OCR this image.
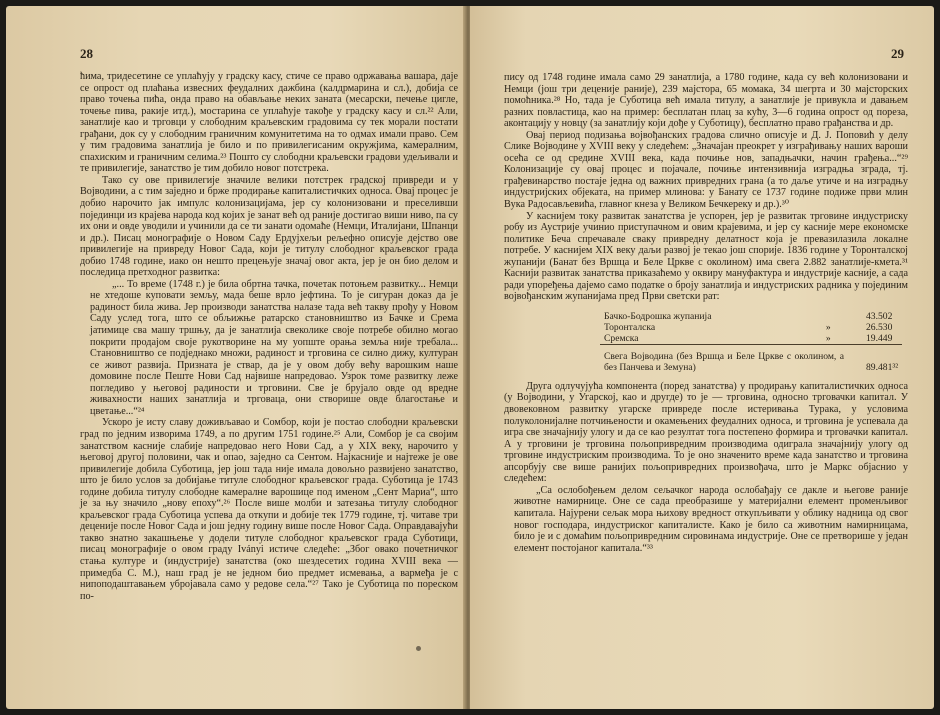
28

ћима, тридесетине се уплаћују у градску касу, стиче се право одржавања вашара, даје се опрост од плаћања извесних феудалних дажбина (калдрмарина и сл.), добија се право точења пића, онда право на обављање неких заната (месарски, печење цигле, точење пива, ракије итд.), мостарина се уплаћује такође у градску касу и сл.²² Али, занатлије као и трговци у слободним краљевским градовима су тек морали постати грађани, док су у слободним граничним комунитетима на то одмах имали право. Сем у тим градовима занатлија је било и по привилегисаним окружјима, камералним, спахиским и граничним селима.²³ Пошто су слободни краљевски градови удељивали и те привилегије, занатство је тим добило новог потстрека.

Тако су ове привилегије значиле велики потстрек градској привреди и у Војводини, а с тим заједно и брже продирање капиталистичких односа. Овај процес је добио нарочито јак импулс колонизацијама, јер су колонизовани и преселивши појединци из крајева народа код којих је занат већ од раније достигао виши ниво, па су их они и овде уводили и учинили да се ти занати одомаће (Немци, Италијани, Шпанци и др.). Писац монографије о Новом Саду Ердујхељи рељефно описује дејство ове привилегије на привреду Новог Сада, који је титулу слободног краљевског града добио 1748 године, иако он нешто прецењује значај овог акта, јер је он био делом и последица претходног развитка:

„... То време (1748 г.) је била обртна тачка, почетак потоњем развитку... Немци не хтедоше куповати земљу, мада беше врло јефтина. То је сигуран доказ да је радиност била жива. Јер производи занатства налазе тада већ такву прођу у Новом Саду услед тога, што се обљижње ратарско становништво из Бачке и Срема јатимице сва машу тршњу, да је занатлија свеколике своје потребе обилно могао покрити продајом своје рукотворине на му уопште орања земља није требала... Становништво се подједнако множи, радиност и трговина се силно дижу, културан се живот развија. Призната је ствар, да је у овом добу већу варошким наше домовине после Пеште Нови Сад највише напредовао. Узрок томе развитку леже погледиво у његовој радиности и трговини. Све је брујало овде од вредне живахности наших занатлија и трговаца, они створише овде благостање и цветање...“²⁴

Ускоро је исту славу доживљавао и Сомбор, који је постао слободни краљевски град по једним изворима 1749, а по другим 1751 године.²⁵ Али, Сомбор је са својим занатством касније слабије напредовао него Нови Сад, а у XIX веку, нарочито у његовој другој половини, чак и опао, заједно са Сентом. Најкасније и најтеже је ове привилегије добила Суботица, јер још тада није имала довољно развијено занатство, што је било услов за добијање титуле слободног краљевског града. Суботица је 1743 године добила титулу слободне камералне варошице под именом „Сент Мариа“, што је за њу значило „нову епоху“.²⁶ После више молби и затезања титулу слободног краљевског града Суботица успева да откупи и добије тек 1779 године, тј. читаве три деценије после Новог Сада и још једну годину више после Новог Сада. Оправдавајући такво знатно закашњење у додели титуле слободног краљевског града Суботици, писац монографије о овом граду Iványi истиче следеће: „Због овако почетничког стања културе и (индустрије) занатства (око шездесетих година XVIII века — примедба С. М.), наш град је не једном био предмет исмевања, а вармеђа је с нипоподаштавањем убројавала само у редове села.“²⁷ Тако је Суботица по пореском по-

29

пису од 1748 године имала само 29 занатлија, а 1780 године, када су већ колонизовани и Немци (још три деценије раније), 239 мајстора, 65 момака, 34 шегрта и 30 мајсторских помоћника.²⁸ Но, тада је Суботица већ имала титулу, а занатлије је привукла и давањем разних повластица, као на пример: бесплатан плац за кућу, 3—6 година опрост од пореза, аконтацију у новцу (за занатлију који дође у Суботицу), бесплатно право грађанства и др.

Овај период подизања војвођанских градова слично описује и Д. Ј. Поповић у делу Слике Војводине у XVIII веку у следећем: „Значајан преокрет у изграђивању наших вароши осећа се од средине XVIII века, када почиње нов, западњачки, начин грађења...“²⁹ Колонизације су овај процес и појачале, почиње интензивнија изградња зграда, тј. грађевинарство постаје једна од важних привредних грана (а то даље утиче и на изградњу индустријских објеката, на пример млинова: у Банату се 1737 године подиже први млин Вука Радосављевића, главног кнеза у Великом Бечкереку и др.).³⁰

У каснијем току развитак занатства је успорен, јер је развитак трговине индустриску робу из Аустрије учинио приступачном и овим крајевима, и јер су касније мере економске политике Беча спречавале сваку привредну делатност која је превазилазила локалне потребе. У каснијем XIX веку даљи развој је текао још спорије. 1836 године у Торонталској жупанији (Банат без Вршца и Беле Цркве с околином) има свега 2.882 занатлије-кмета.³¹ Каснији развитак занатства приказаћемо у оквиру мануфактура и индустрије касније, а сада ради упоређења дајемо само податке о броју занатлија и индустриских радника у појединим војвођанским жупанијама пред Први светски рат:

Бачко-Бодрошка жупанија		43.502
Торонталска	»	26.530
Сремска	»	19.449
Свега Војводина (без Вршца и Беле Цркве с околином, а без Панчева и Земуна)		89.481³²

Друга одлучујућа компонента (поред занатства) у продирању капиталистичких односа (у Војводини, у Угарској, као и другде) то је — трговина, односно трговачки капитал. У двовековном развитку угарске привреде после истеривања Турака, у условима полуколонијалне потчињености и окамењених феудалних односа, и трговина је успевала да игра све значајнију улогу и да се као резултат тога постепено формира и трговачки капитал. А у трговини је трговина пољопривредним производима одиграла значајнију улогу од трговине индустриским производима. То је оно значенито време када занатство и трговина апсорбују све више ранијих пољопривредних произвођача, што је Маркс објаснио у следећем:

„Са ослобођењем делом сељачког народа ослобађају се дакле и његове раније животне намирнице. Оне се сада преобразише у материјални елемент променљивог капитала. Најурени сељак мора њихову вредност откупљивати у облику надница од свог новог господара, индустриског капиталисте. Како је било са животним намирницама, било је и с домаћим пољопривредним сировинама индустрије. Оне се претворише у један елемент постојаног капитала.“³³
